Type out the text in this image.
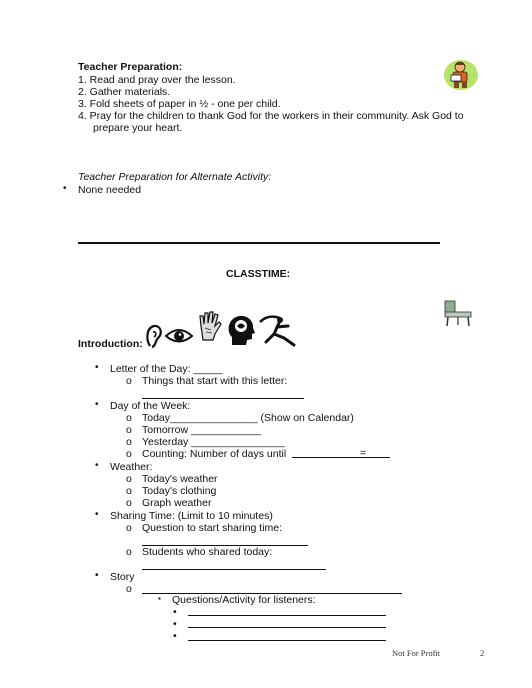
Teacher Preparation:
1. Read and pray over the lesson.
2. Gather materials.
3. Fold sheets of paper in ½ - one per child.
4. Pray for the children to thank God for the workers in their community. Ask God to
prepare your heart.
Teacher Preparation for Alternate Activity:
• None needed
CLASSTIME:
Introduction:
• Letter of the Day: _____
o Things that start with this letter:
• Day of the Week:
o Today_______________ (Show on Calendar)
o Tomorrow ____________
o Yesterday ________________
o Counting: Number of days until	=
• Weather:
o Today's weather
o Today's clothing
o Graph weather
• Sharing Time: (Limit to 10 minutes)
o Question to start sharing time:
o Students who shared today:
• Story
o
▪ Questions/Activity for listeners:
•
•
•
Not For Profit	2
